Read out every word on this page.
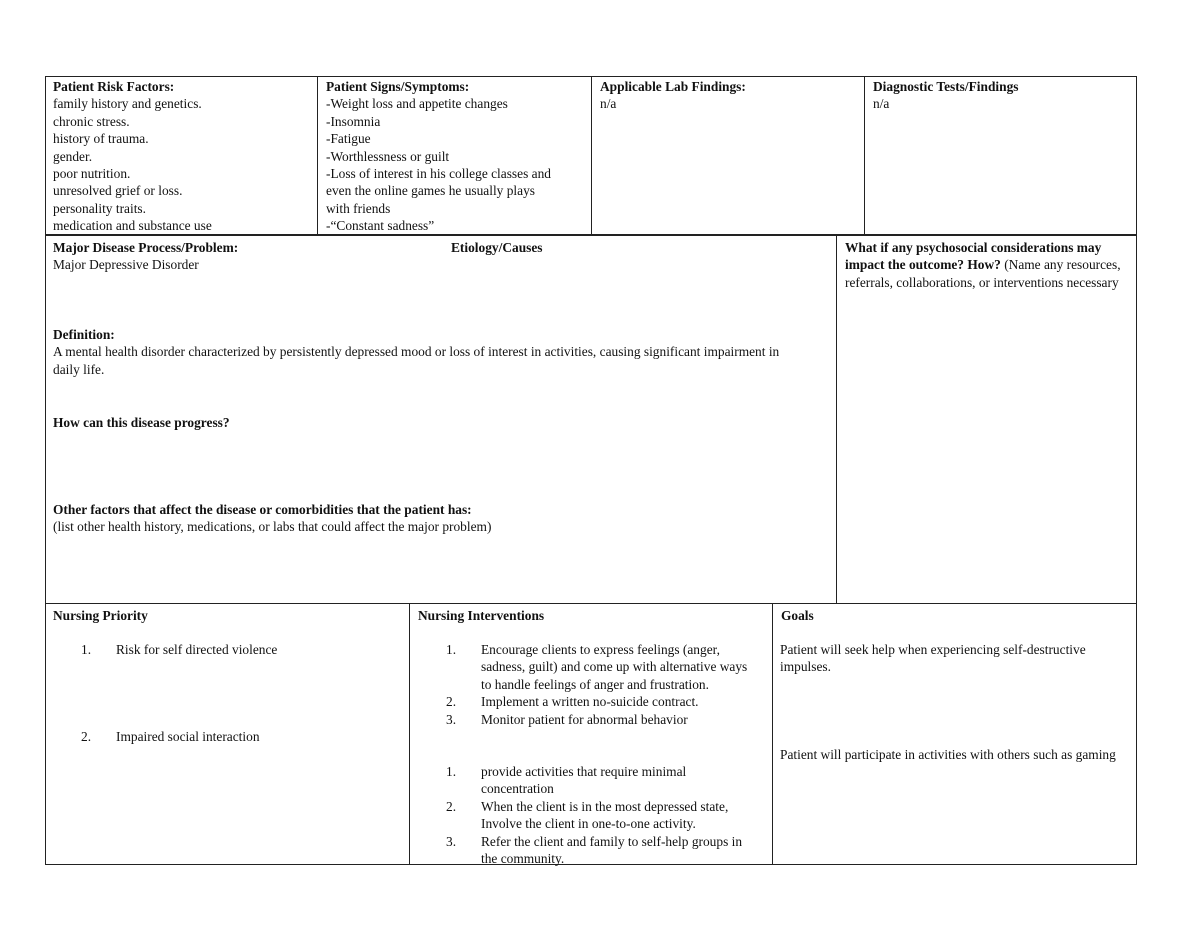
Patient Risk Factors:
family history and genetics.
chronic stress.
history of trauma.
gender.
poor nutrition.
unresolved grief or loss.
personality traits.
medication and substance use
Patient Signs/Symptoms:
-Weight loss and appetite changes
-Insomnia
-Fatigue
-Worthlessness or guilt
-Loss of interest in his college classes and
even the online games he usually plays
with friends
-“Constant sadness”
Applicable Lab Findings:
n/a
Diagnostic Tests/Findings
n/a
Major Disease Process/Problem:
Major Depressive Disorder
Etiology/Causes
Definition:
A mental health disorder characterized by persistently depressed mood or loss of interest in activities, causing significant impairment in daily life.
How can this disease progress?
Other factors that affect the disease or comorbidities that the patient has:
(list other health history, medications, or labs that could affect the major problem)
What if any psychosocial considerations may impact the outcome? How? (Name any resources, referrals, collaborations, or interventions necessary
Nursing Priority
1. Risk for self directed violence
2. Impaired social interaction
Nursing Interventions
1. Encourage clients to express feelings (anger, sadness, guilt) and come up with alternative ways to handle feelings of anger and frustration.
2. Implement a written no-suicide contract.
3. Monitor patient for abnormal behavior
1. provide activities that require minimal concentration
2. When the client is in the most depressed state, Involve the client in one-to-one activity.
3. Refer the client and family to self-help groups in the community.
Goals
Patient will seek help when experiencing self-destructive impulses.
Patient will participate in activities with others such as gaming
